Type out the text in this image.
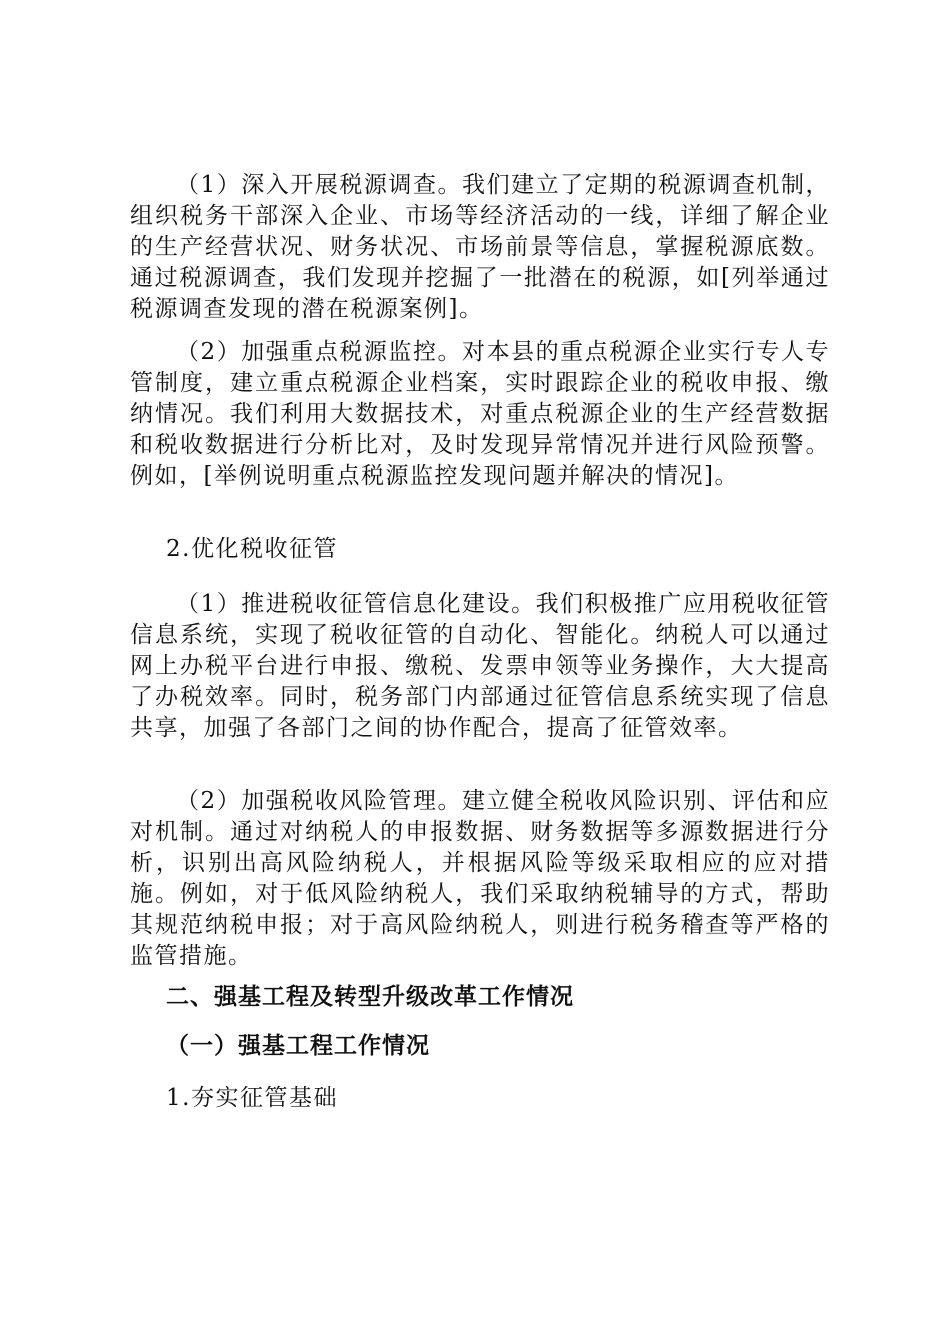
（1）深入开展税源调查。我们建立了定期的税源调查机制，组织税务干部深入企业、市场等经济活动的一线，详细了解企业的生产经营状况、财务状况、市场前景等信息，掌握税源底数。通过税源调查，我们发现并挖掘了一批潜在的税源，如[列举通过税源调查发现的潜在税源案例]。

（2）加强重点税源监控。对本县的重点税源企业实行专人专管制度，建立重点税源企业档案，实时跟踪企业的税收申报、缴纳情况。我们利用大数据技术，对重点税源企业的生产经营数据和税收数据进行分析比对，及时发现异常情况并进行风险预警。例如，[举例说明重点税源监控发现问题并解决的情况]。

2.优化税收征管

（1）推进税收征管信息化建设。我们积极推广应用税收征管信息系统，实现了税收征管的自动化、智能化。纳税人可以通过网上办税平台进行申报、缴税、发票申领等业务操作，大大提高了办税效率。同时，税务部门内部通过征管信息系统实现了信息共享，加强了各部门之间的协作配合，提高了征管效率。

（2）加强税收风险管理。建立健全税收风险识别、评估和应对机制。通过对纳税人的申报数据、财务数据等多源数据进行分析，识别出高风险纳税人，并根据风险等级采取相应的应对措施。例如，对于低风险纳税人，我们采取纳税辅导的方式，帮助其规范纳税申报；对于高风险纳税人，则进行税务稽查等严格的监管措施。

二、强基工程及转型升级改革工作情况

（一）强基工程工作情况

1.夯实征管基础
